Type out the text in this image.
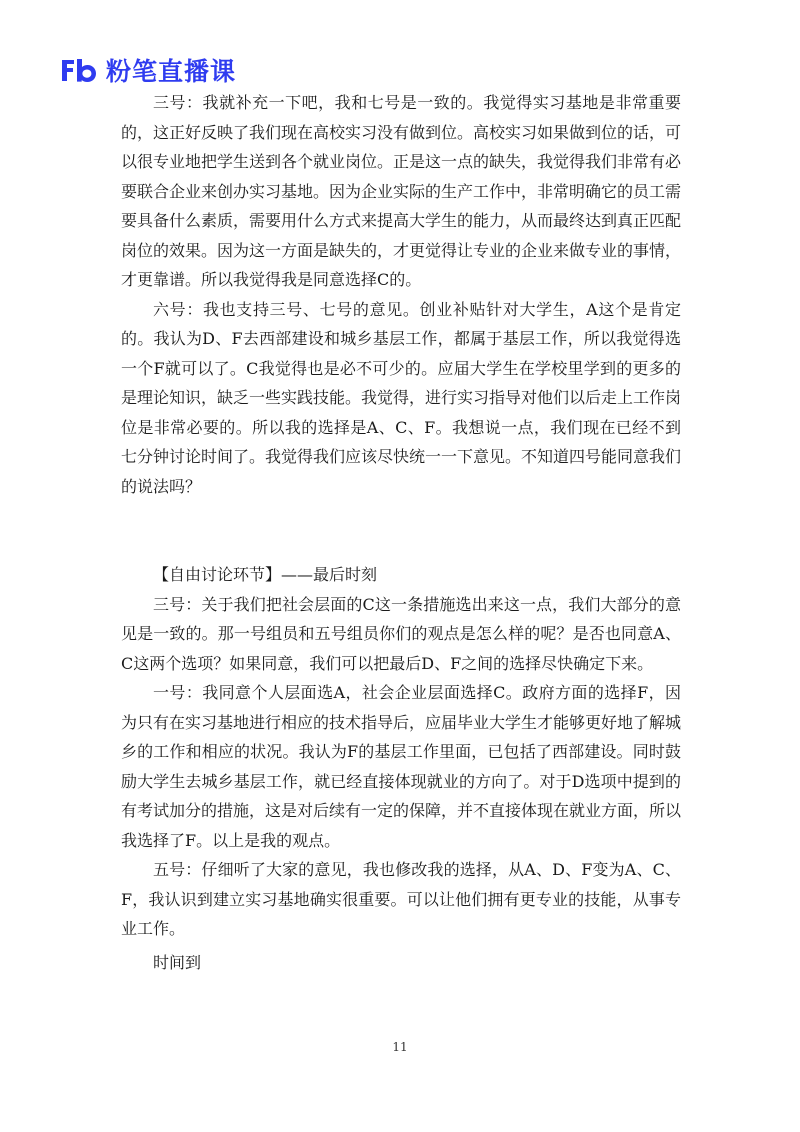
粉笔直播课

三号：我就补充一下吧，我和七号是一致的。我觉得实习基地是非常重要的，这正好反映了我们现在高校实习没有做到位。高校实习如果做到位的话，可以很专业地把学生送到各个就业岗位。正是这一点的缺失，我觉得我们非常有必要联合企业来创办实习基地。因为企业实际的生产工作中，非常明确它的员工需要具备什么素质，需要用什么方式来提高大学生的能力，从而最终达到真正匹配岗位的效果。因为这一方面是缺失的，才更觉得让专业的企业来做专业的事情，才更靠谱。所以我觉得我是同意选择C的。

六号：我也支持三号、七号的意见。创业补贴针对大学生，A这个是肯定的。我认为D、F去西部建设和城乡基层工作，都属于基层工作，所以我觉得选一个F就可以了。C我觉得也是必不可少的。应届大学生在学校里学到的更多的是理论知识，缺乏一些实践技能。我觉得，进行实习指导对他们以后走上工作岗位是非常必要的。所以我的选择是A、C、F。我想说一点，我们现在已经不到七分钟讨论时间了。我觉得我们应该尽快统一一下意见。不知道四号能同意我们的说法吗？

【自由讨论环节】——最后时刻

三号：关于我们把社会层面的C这一条措施选出来这一点，我们大部分的意见是一致的。那一号组员和五号组员你们的观点是怎么样的呢？是否也同意A、C这两个选项？如果同意，我们可以把最后D、F之间的选择尽快确定下来。

一号：我同意个人层面选A，社会企业层面选择C。政府方面的选择F，因为只有在实习基地进行相应的技术指导后，应届毕业大学生才能够更好地了解城乡的工作和相应的状况。我认为F的基层工作里面，已包括了西部建设。同时鼓励大学生去城乡基层工作，就已经直接体现就业的方向了。对于D选项中提到的有考试加分的措施，这是对后续有一定的保障，并不直接体现在就业方面，所以我选择了F。以上是我的观点。

五号：仔细听了大家的意见，我也修改我的选择，从A、D、F变为A、C、F，我认识到建立实习基地确实很重要。可以让他们拥有更专业的技能，从事专业工作。

时间到

11
